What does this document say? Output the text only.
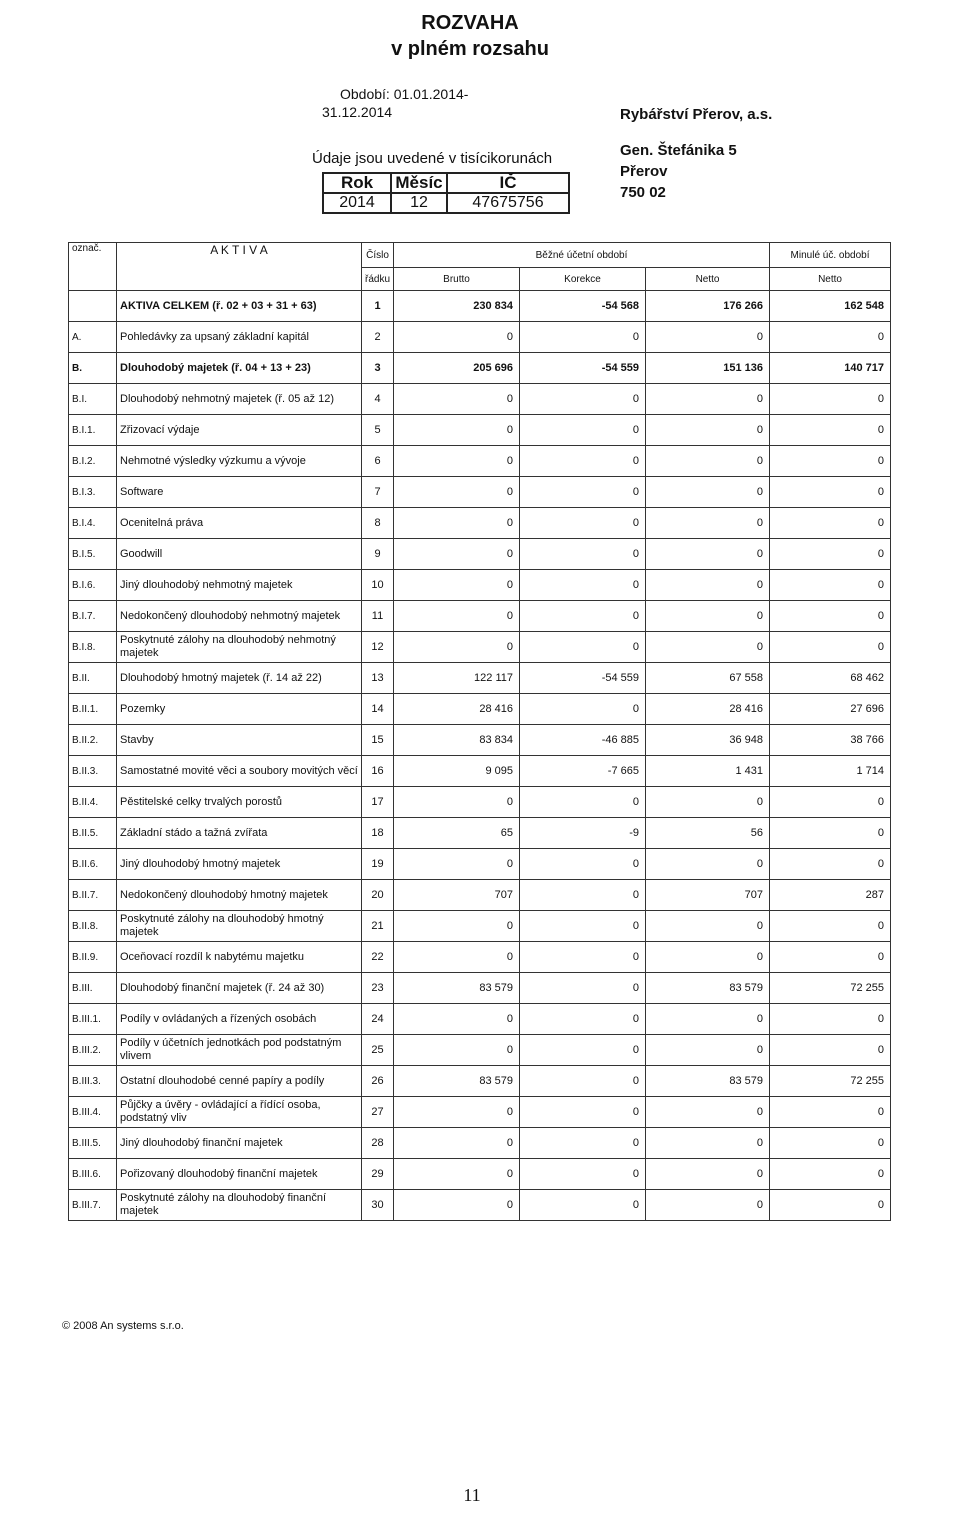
ROZVAHA
v plném rozsahu
Období: 01.01.2014-
31.12.2014	Rybářství Přerov, a.s.
Gen. Štefánika 5
Přerov
750 02
Údaje jsou uvedené v tisícikorunách
Rok	Měsíc	IČ
2014	12	47675756
označ.	A K T I V A	Číslo	Běžné účetní období			Minulé úč. období
		řádku	Brutto	Korekce	Netto	Netto
	AKTIVA CELKEM (ř. 02 + 03 + 31 + 63)	1	230 834	-54 568	176 266	162 548
A.	Pohledávky za upsaný základní kapitál	2	0	0	0	0
B.	Dlouhodobý majetek (ř. 04 + 13 + 23)	3	205 696	-54 559	151 136	140 717
B.I.	Dlouhodobý nehmotný majetek (ř. 05 až 12)	4	0	0	0	0
B.I.1.	Zřizovací výdaje	5	0	0	0	0
B.I.2.	Nehmotné výsledky výzkumu a vývoje	6	0	0	0	0
B.I.3.	Software	7	0	0	0	0
B.I.4.	Ocenitelná práva	8	0	0	0	0
B.I.5.	Goodwill	9	0	0	0	0
B.I.6.	Jiný dlouhodobý nehmotný majetek	10	0	0	0	0
B.I.7.	Nedokončený dlouhodobý nehmotný majetek	11	0	0	0	0
B.I.8.	Poskytnuté zálohy na dlouhodobý nehmotný majetek	12	0	0	0	0
B.II.	Dlouhodobý hmotný majetek (ř. 14 až 22)	13	122 117	-54 559	67 558	68 462
B.II.1.	Pozemky	14	28 416	0	28 416	27 696
B.II.2.	Stavby	15	83 834	-46 885	36 948	38 766
B.II.3.	Samostatné movité věci a soubory movitých věcí	16	9 095	-7 665	1 431	1 714
B.II.4.	Pěstitelské celky trvalých porostů	17	0	0	0	0
B.II.5.	Základní stádo a tažná zvířata	18	65	-9	56	0
B.II.6.	Jiný dlouhodobý hmotný majetek	19	0	0	0	0
B.II.7.	Nedokončený dlouhodobý hmotný majetek	20	707	0	707	287
B.II.8.	Poskytnuté zálohy na dlouhodobý hmotný majetek	21	0	0	0	0
B.II.9.	Oceňovací rozdíl k nabytému majetku	22	0	0	0	0
B.III.	Dlouhodobý finanční majetek (ř. 24 až 30)	23	83 579	0	83 579	72 255
B.III.1.	Podíly v ovládaných a řízených osobách	24	0	0	0	0
B.III.2.	Podíly v účetních jednotkách pod podstatným vlivem	25	0	0	0	0
B.III.3.	Ostatní dlouhodobé cenné papíry a podíly	26	83 579	0	83 579	72 255
B.III.4.	Půjčky a úvěry - ovládající a řídící osoba, podstatný vliv	27	0	0	0	0
B.III.5.	Jiný dlouhodobý finanční majetek	28	0	0	0	0
B.III.6.	Pořizovaný dlouhodobý finanční majetek	29	0	0	0	0
B.III.7.	Poskytnuté zálohy na dlouhodobý finanční majetek	30	0	0	0	0
© 2008 An systems s.r.o.
11
